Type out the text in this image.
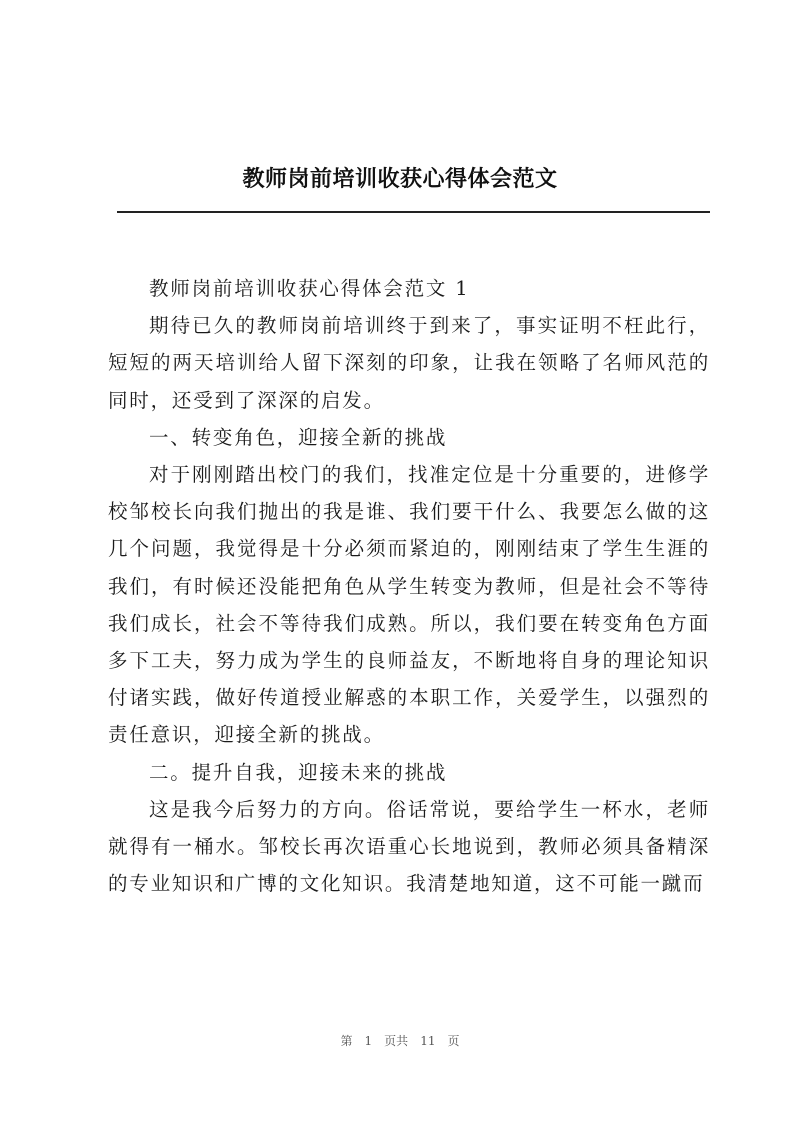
教师岗前培训收获心得体会范文

教师岗前培训收获心得体会范文 1

期待已久的教师岗前培训终于到来了，事实证明不枉此行，短短的两天培训给人留下深刻的印象，让我在领略了名师风范的同时，还受到了深深的启发。

一、转变角色，迎接全新的挑战

对于刚刚踏出校门的我们，找准定位是十分重要的，进修学校邹校长向我们抛出的我是谁、我们要干什么、我要怎么做的这几个问题，我觉得是十分必须而紧迫的，刚刚结束了学生生涯的我们，有时候还没能把角色从学生转变为教师，但是社会不等待我们成长，社会不等待我们成熟。所以，我们要在转变角色方面多下工夫，努力成为学生的良师益友，不断地将自身的理论知识付诸实践，做好传道授业解惑的本职工作，关爱学生，以强烈的责任意识，迎接全新的挑战。

二。提升自我，迎接未来的挑战

这是我今后努力的方向。俗话常说，要给学生一杯水，老师就得有一桶水。邹校长再次语重心长地说到，教师必须具备精深的专业知识和广博的文化知识。我清楚地知道，这不可能一蹴而

第 1 页共 11 页
